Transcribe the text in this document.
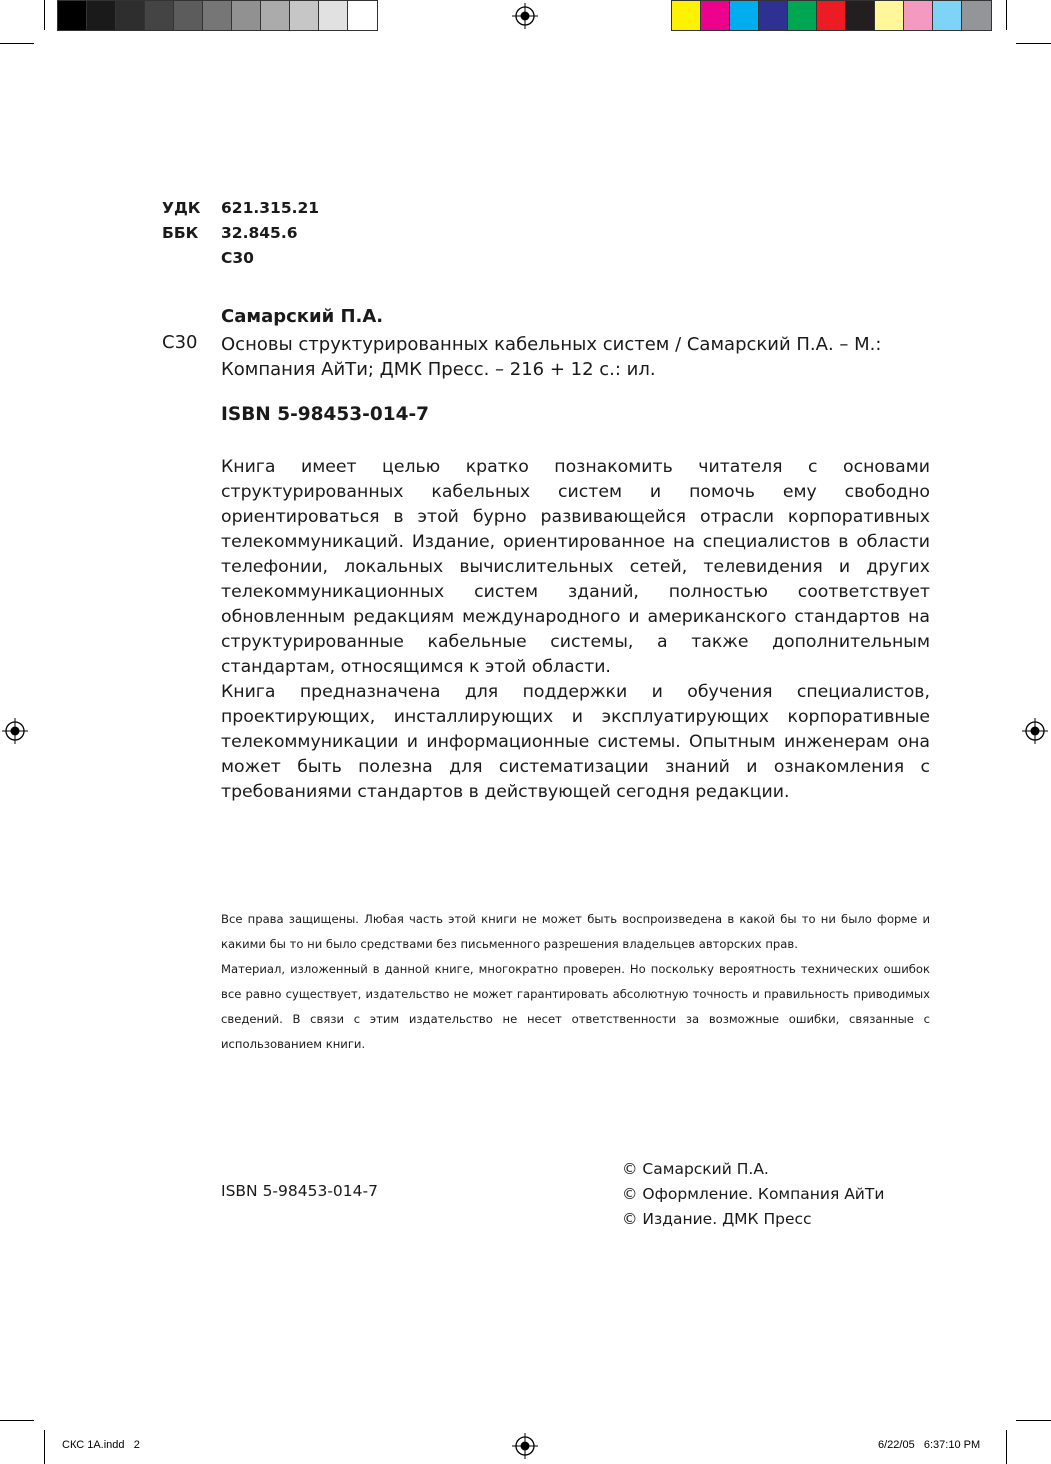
УДК 621.315.21
ББК 32.845.6
С30
Самарский П.А.
С30 Основы структурированных кабельных систем / Самарский П.А. – М.:
Компания АйТи; ДМК Пресс. – 216 + 12 с.: ил.
ISBN 5-98453-014-7

Книга имеет целью кратко познакомить читателя с основами структурированных кабельных систем и помочь ему свободно ориентироваться в этой бурно развивающейся отрасли корпоративных телекоммуникаций. Издание, ориентированное на специалистов в области телефонии, локальных вычислительных сетей, телевидения и других телекоммуникационных систем зданий, полностью соответствует обновленным редакциям международного и американского стандартов на структурированные кабельные системы, а также дополнительным стандартам, относящимся к этой области.

Книга предназначена для поддержки и обучения специалистов, проектирующих, инсталлирующих и эксплуатирующих корпоративные телекоммуникации и информационные системы. Опытным инженерам она может быть полезна для систематизации знаний и ознакомления с требованиями стандартов в действующей сегодня редакции.

Все права защищены. Любая часть этой книги не может быть воспроизведена в какой бы то ни было форме и какими бы то ни было средствами без письменного разрешения владельцев авторских прав.

Материал, изложенный в данной книге, многократно проверен. Но поскольку вероятность технических ошибок все равно существует, издательство не может гарантировать абсолютную точность и правильность приводимых сведений. В связи с этим издательство не несет ответственности за возможные ошибки, связанные с использованием книги.

ISBN 5-98453-014-7
© Самарский П.А.
© Оформление. Компания АйТи
© Издание. ДМК Пресс
СКС 1А.indd   2	6/22/05   6:37:10 PM
